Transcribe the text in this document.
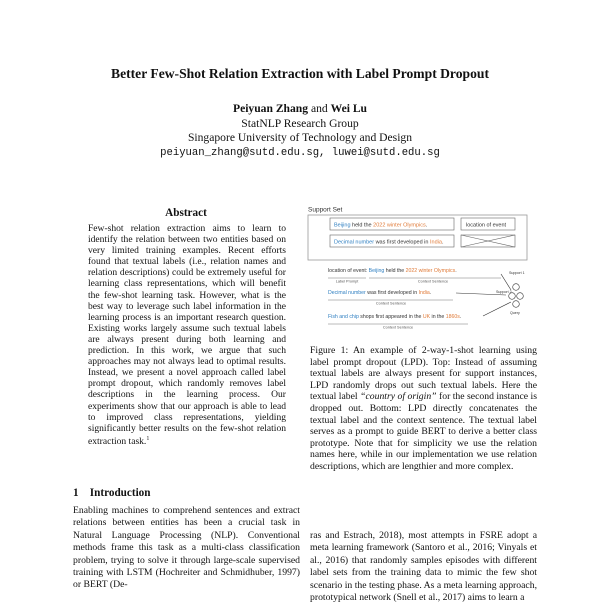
Better Few-Shot Relation Extraction with Label Prompt Dropout
Peiyuan Zhang and Wei Lu
StatNLP Research Group
Singapore University of Technology and Design
peiyuan_zhang@sutd.edu.sg, luwei@sutd.edu.sg
Abstract

Few-shot relation extraction aims to learn to identify the relation between two entities based on very limited training examples. Recent efforts found that textual labels (i.e., relation names and relation descriptions) could be extremely useful for learning class representations, which will benefit the few-shot learning task. However, what is the best way to leverage such label information in the learning process is an important research question. Existing works largely assume such textual labels are always present during both learning and prediction. In this work, we argue that such approaches may not always lead to optimal results. Instead, we present a novel approach called label prompt dropout, which randomly removes label descriptions in the learning process. Our experiments show that our approach is able to lead to improved class representations, yielding significantly better results on the few-shot relation extraction task.$^1$

1 Introduction

Enabling machines to comprehend sentences and extract relations between entities has been a crucial task in Natural Language Processing (NLP). Conventional methods frame this task as a multi-class classification problem, trying to solve it through large-scale supervised training with LSTM (Hochreiter and Schmidhuber, 1997) or BERT (De-

Support Set
Beijing held the 2022 winter Olympics.	location of event
Decimal number was first developed in India.
location of event: Beijing held the 2022 winter Olympics.
Label Prompt	Context Sentence
Decimal number was first developed in India.
Context Sentence
Fish and chip shops first appeared in the UK in the 1860s.
Context Sentence
Support 1
Support 2
Query

Figure 1: An example of 2-way-1-shot learning using label prompt dropout (LPD). Top: Instead of assuming textual labels are always present for support instances, LPD randomly drops out such textual labels. Here the textual label “country of origin” for the second instance is dropped out. Bottom: LPD directly concatenates the textual label and the context sentence. The textual label serves as a prompt to guide BERT to derive a better class prototype. Note that for simplicity we use the relation names here, while in our implementation we use relation descriptions, which are lengthier and more complex.

ras and Estrach, 2018), most attempts in FSRE adopt a meta learning framework (Santoro et al., 2016; Vinyals et al., 2016) that randomly samples episodes with different label sets from the training data to mimic the few shot scenario in the testing phase. As a meta learning approach, prototypical network (Snell et al., 2017) aims to learn a
